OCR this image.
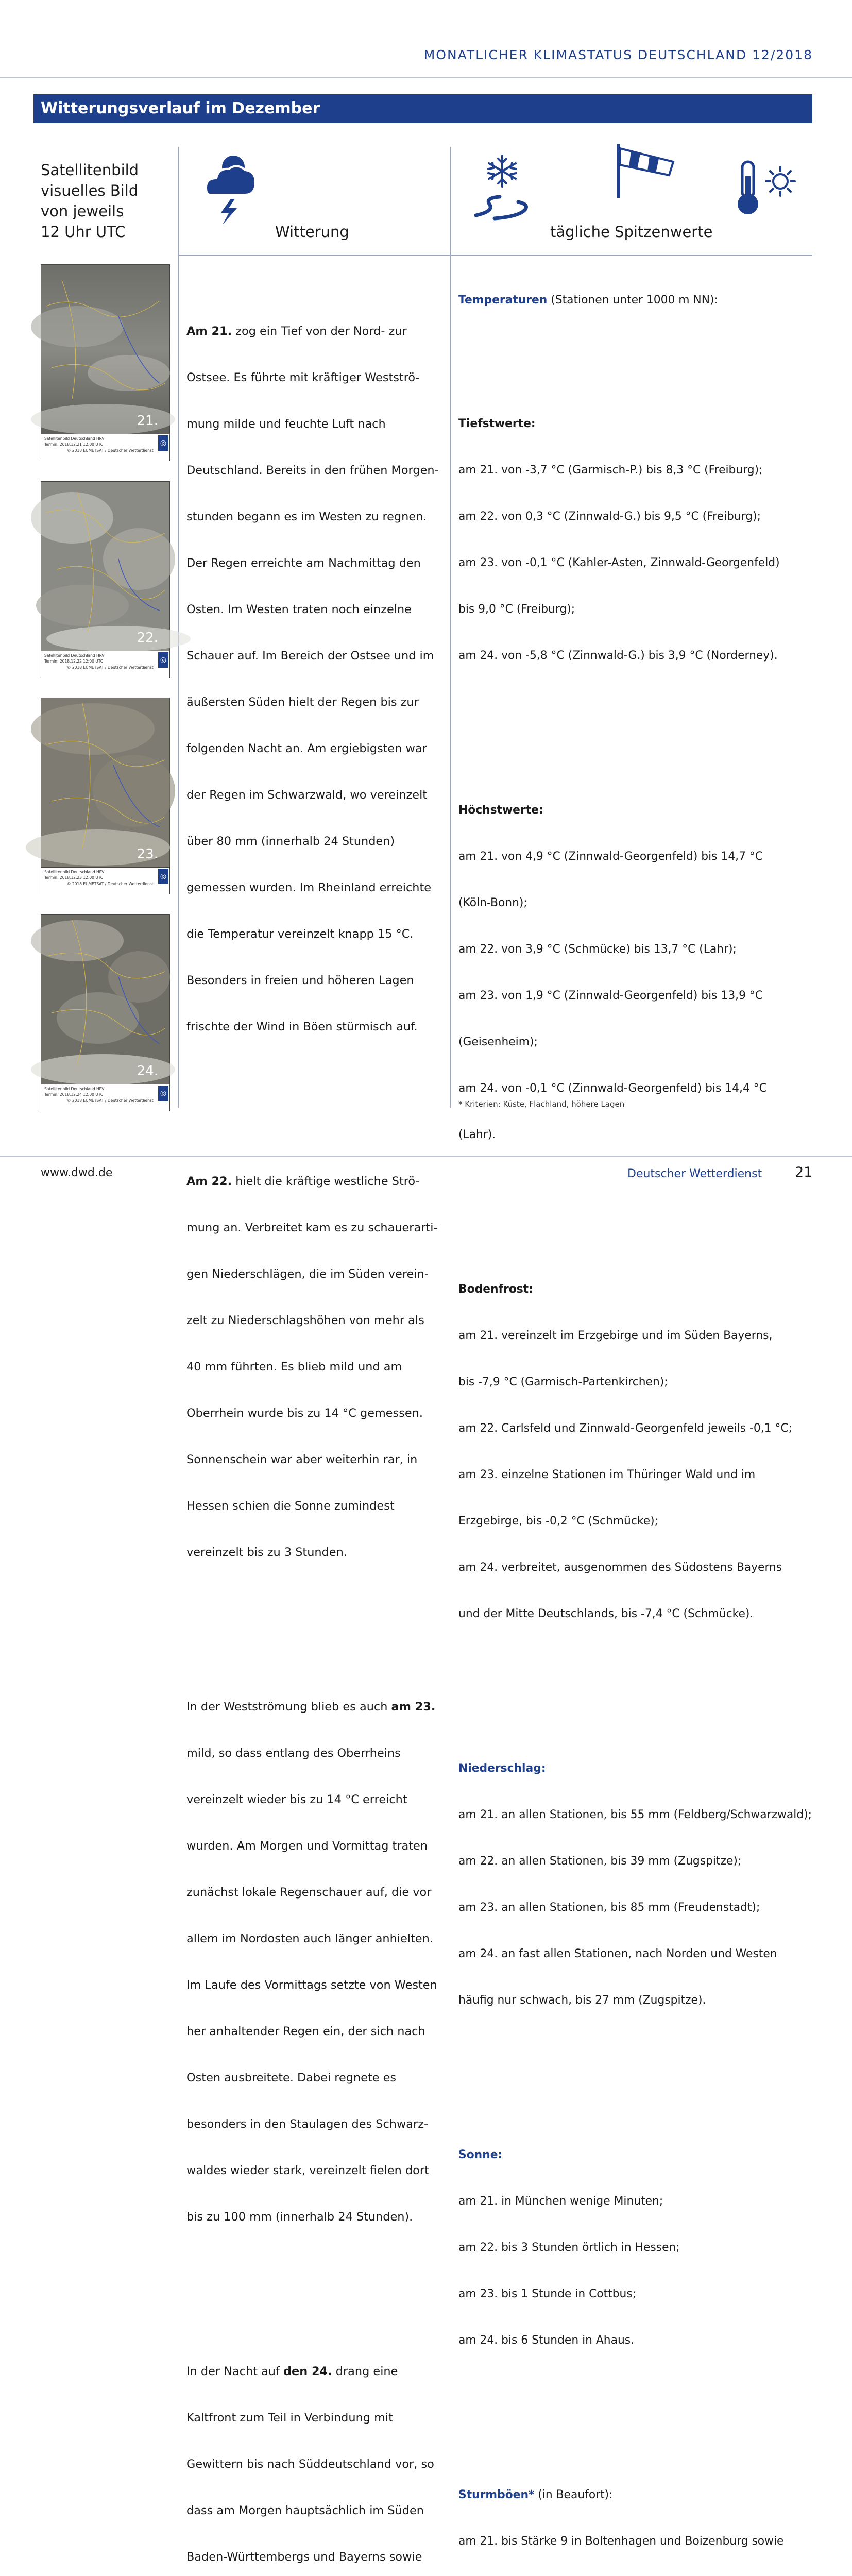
MONATLICHER KLIMASTATUS DEUTSCHLAND 12/2018
Witterungsverlauf im Dezember
Satellitenbild
visuelles Bild
von jeweils
12 Uhr UTC	Witterung	tägliche Spitzenwerte
21.
Satellitenbild Deutschland HRV
Termin: 2018.12.21 12:00 UTC
© 2018 EUMETSAT / Deutscher Wetterdienst
◎
22.
Satellitenbild Deutschland HRV
Termin: 2018.12.22 12:00 UTC
© 2018 EUMETSAT / Deutscher Wetterdienst
◎
23.
Satellitenbild Deutschland HRV
Termin: 2018.12.23 12:00 UTC
© 2018 EUMETSAT / Deutscher Wetterdienst
◎
24.
Satellitenbild Deutschland HRV
Termin: 2018.12.24 12:00 UTC
© 2018 EUMETSAT / Deutscher Wetterdienst
◎

Am 21. zog ein Tief von der Nord- zur

Ostsee. Es führte mit kräftiger Westströ-

mung milde und feuchte Luft nach

Deutschland. Bereits in den frühen Morgen-

stunden begann es im Westen zu regnen.

Der Regen erreichte am Nachmittag den

Osten. Im Westen traten noch einzelne

Schauer auf. Im Bereich der Ostsee und im

äußersten Süden hielt der Regen bis zur

folgenden Nacht an. Am ergiebigsten war

der Regen im Schwarzwald, wo vereinzelt

über 80 mm (innerhalb 24 Stunden)

gemessen wurden. Im Rheinland erreichte

die Temperatur vereinzelt knapp 15 °C.

Besonders in freien und höheren Lagen

frischte der Wind in Böen stürmisch auf.

Am 22. hielt die kräftige westliche Strö-

mung an. Verbreitet kam es zu schauerarti-

gen Niederschlägen, die im Süden verein-

zelt zu Niederschlagshöhen von mehr als

40 mm führten. Es blieb mild und am

Oberrhein wurde bis zu 14 °C gemessen.

Sonnenschein war aber weiterhin rar, in

Hessen schien die Sonne zumindest

vereinzelt bis zu 3 Stunden.

In der Westströmung blieb es auch am 23.

mild, so dass entlang des Oberrheins

vereinzelt wieder bis zu 14 °C erreicht

wurden. Am Morgen und Vormittag traten

zunächst lokale Regenschauer auf, die vor

allem im Nordosten auch länger anhielten.

Im Laufe des Vormittags setzte von Westen

her anhaltender Regen ein, der sich nach

Osten ausbreitete. Dabei regnete es

besonders in den Staulagen des Schwarz-

waldes wieder stark, vereinzelt fielen dort

bis zu 100 mm (innerhalb 24 Stunden).

In der Nacht auf den 24. drang eine

Kaltfront zum Teil in Verbindung mit

Gewittern bis nach Süddeutschland vor, so

dass am Morgen hauptsächlich im Süden

Baden-Württembergs und Bayerns sowie

Temperaturen (Stationen unter 1000 m NN):

Tiefstwerte:

am 21. von -3,7 °C (Garmisch-P.) bis 8,3 °C (Freiburg);

am 22. von 0,3 °C (Zinnwald-G.) bis 9,5 °C (Freiburg);

am 23. von -0,1 °C (Kahler-Asten, Zinnwald-Georgenfeld)

bis 9,0 °C (Freiburg);

am 24. von -5,8 °C (Zinnwald-G.) bis 3,9 °C (Norderney).

Höchstwerte:

am 21. von 4,9 °C (Zinnwald-Georgenfeld) bis 14,7 °C

(Köln-Bonn);

am 22. von 3,9 °C (Schmücke) bis 13,7 °C (Lahr);

am 23. von 1,9 °C (Zinnwald-Georgenfeld) bis 13,9 °C

(Geisenheim);

am 24. von -0,1 °C (Zinnwald-Georgenfeld) bis 14,4 °C

(Lahr).

Bodenfrost:

am 21. vereinzelt im Erzgebirge und im Süden Bayerns,

bis -7,9 °C (Garmisch-Partenkirchen);

am 22. Carlsfeld und Zinnwald-Georgenfeld jeweils -0,1 °C;

am 23. einzelne Stationen im Thüringer Wald und im

Erzgebirge, bis -0,2 °C (Schmücke);

am 24. verbreitet, ausgenommen des Südostens Bayerns

und der Mitte Deutschlands, bis -7,4 °C (Schmücke).

Niederschlag:

am 21. an allen Stationen, bis 55 mm (Feldberg/Schwarzwald);

am 22. an allen Stationen, bis 39 mm (Zugspitze);

am 23. an allen Stationen, bis 85 mm (Freudenstadt);

am 24. an fast allen Stationen, nach Norden und Westen

häufig nur schwach, bis 27 mm (Zugspitze).

Sonne:

am 21. in München wenige Minuten;

am 22. bis 3 Stunden örtlich in Hessen;

am 23. bis 1 Stunde in Cottbus;

am 24. bis 6 Stunden in Ahaus.

Sturmböen* (in Beaufort):

am 21. bis Stärke 9 in Boltenhagen und Boizenburg sowie

* Kriterien: Küste, Flachland, höhere Lagen
www.dwd.de	Deutscher Wetterdienst 21
